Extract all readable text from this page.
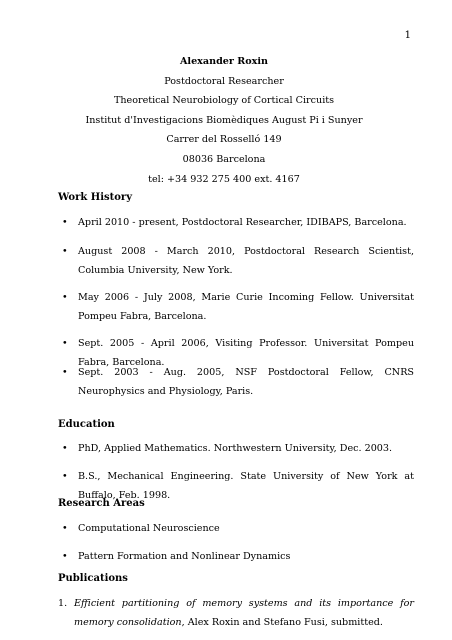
1
Alexander Roxin
Postdoctoral Researcher
Theoretical Neurobiology of Cortical Circuits
Institut d'Investigacions Biomèdiques August Pi i Sunyer
Carrer del Rosselló 149
08036 Barcelona
tel: +34 932 275 400 ext. 4167
Work History
•	April 2010 - present, Postdoctoral Researcher, IDIBAPS, Barcelona.
•	August 2008 - March 2010, Postdoctoral Research Scientist, Columbia University, New York.
•	May 2006 - July 2008, Marie Curie Incoming Fellow. Universitat Pompeu Fabra, Barcelona.
•	Sept. 2005 - April 2006, Visiting Professor. Universitat Pompeu Fabra, Barcelona.
•	Sept. 2003 - Aug. 2005, NSF Postdoctoral Fellow, CNRS Neurophysics and Physiology, Paris.
Education
•	PhD, Applied Mathematics. Northwestern University, Dec. 2003.
•	B.S., Mechanical Engineering. State University of New York at Buffalo, Feb. 1998.
Research Areas
•	Computational Neuroscience
•	Pattern Formation and Nonlinear Dynamics
Publications
1. Efficient partitioning of memory systems and its importance for memory consolidation, Alex Roxin and Stefano Fusi, submitted.
